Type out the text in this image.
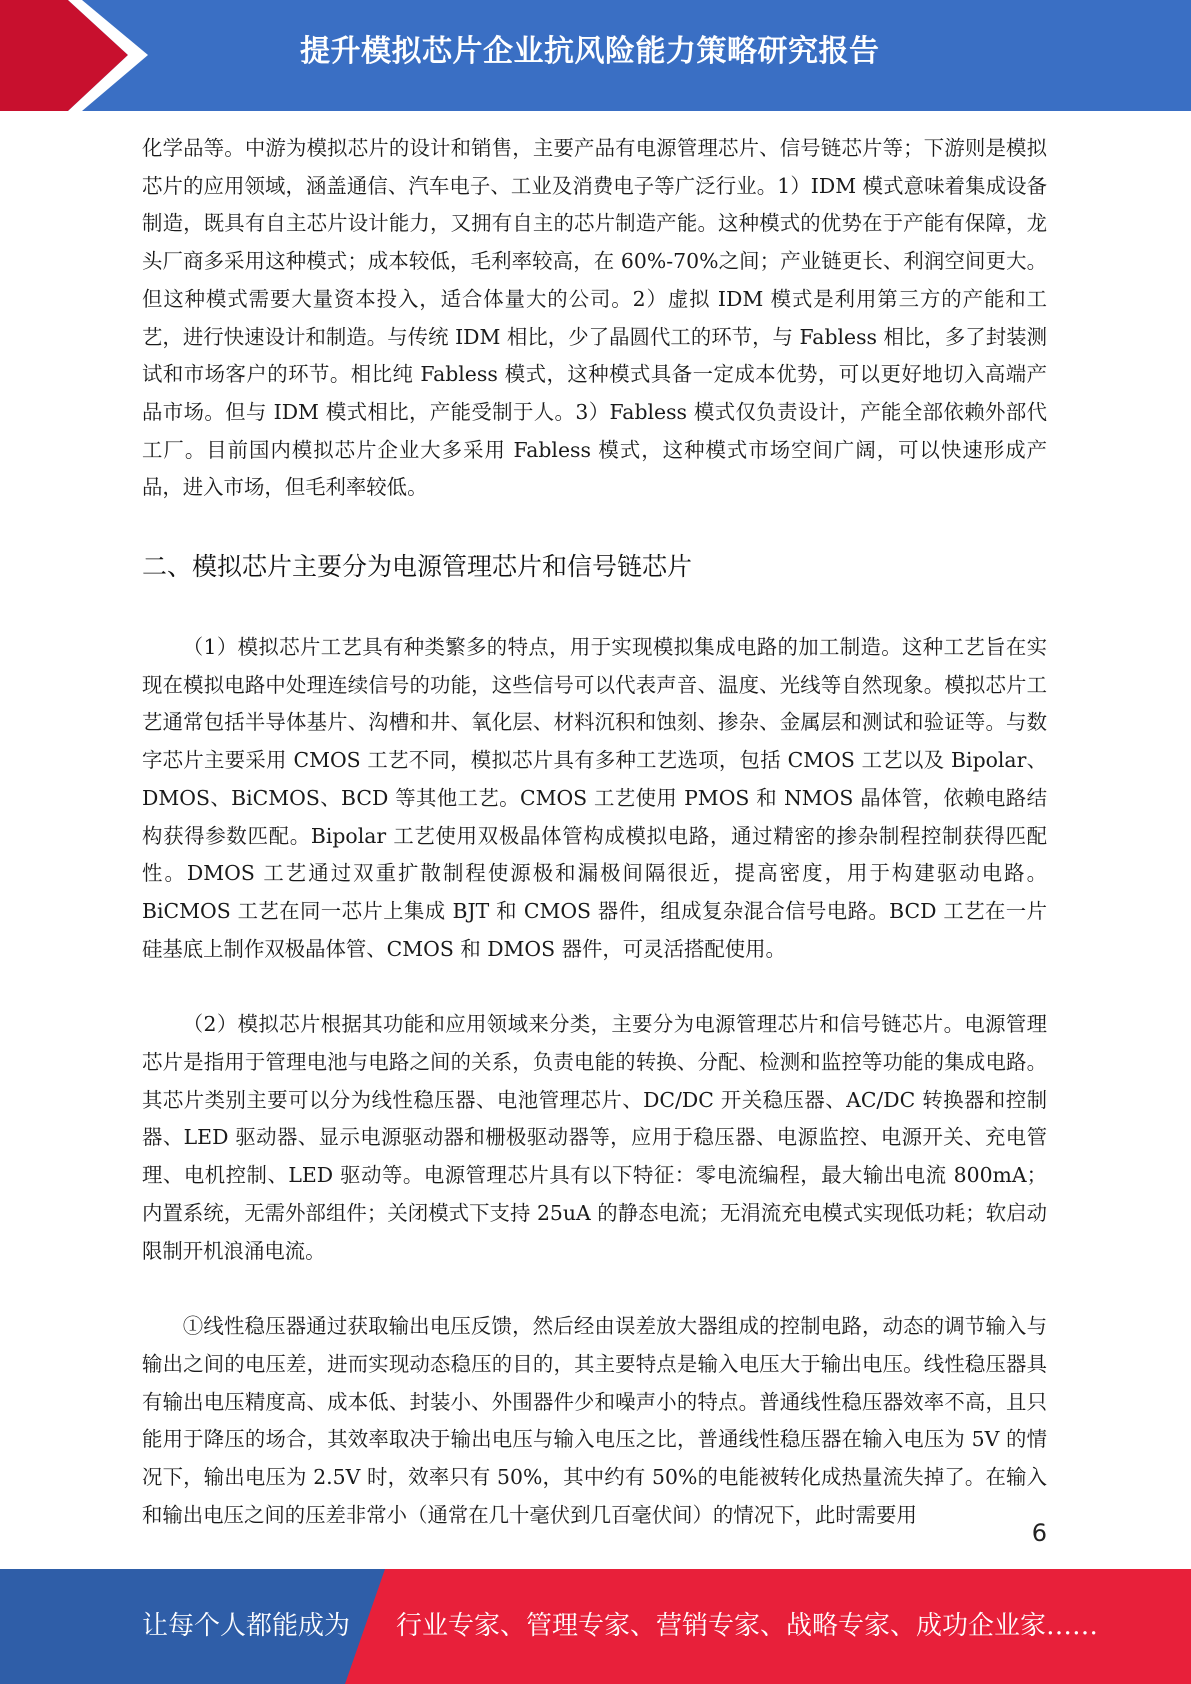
提升模拟芯片企业抗风险能力策略研究报告

化学品等。中游为模拟芯片的设计和销售，主要产品有电源管理芯片、信号链芯片等；下游则是模拟芯片的应用领域，涵盖通信、汽车电子、工业及消费电子等广泛行业。1）IDM 模式意味着集成设备制造，既具有自主芯片设计能力，又拥有自主的芯片制造产能。这种模式的优势在于产能有保障，龙头厂商多采用这种模式；成本较低，毛利率较高，在 60%-70%之间；产业链更长、利润空间更大。但这种模式需要大量资本投入，适合体量大的公司。2）虚拟 IDM 模式是利用第三方的产能和工艺，进行快速设计和制造。与传统 IDM 相比，少了晶圆代工的环节，与 Fabless 相比，多了封装测试和市场客户的环节。相比纯 Fabless 模式，这种模式具备一定成本优势，可以更好地切入高端产品市场。但与 IDM 模式相比，产能受制于人。3）Fabless 模式仅负责设计，产能全部依赖外部代工厂。目前国内模拟芯片企业大多采用 Fabless 模式，这种模式市场空间广阔，可以快速形成产品，进入市场，但毛利率较低。

二、模拟芯片主要分为电源管理芯片和信号链芯片

（1）模拟芯片工艺具有种类繁多的特点，用于实现模拟集成电路的加工制造。这种工艺旨在实现在模拟电路中处理连续信号的功能，这些信号可以代表声音、温度、光线等自然现象。模拟芯片工艺通常包括半导体基片、沟槽和井、氧化层、材料沉积和蚀刻、掺杂、金属层和测试和验证等。与数字芯片主要采用 CMOS 工艺不同，模拟芯片具有多种工艺选项，包括 CMOS 工艺以及 Bipolar、DMOS、BiCMOS、BCD 等其他工艺。CMOS 工艺使用 PMOS 和 NMOS 晶体管，依赖电路结构获得参数匹配。Bipolar 工艺使用双极晶体管构成模拟电路，通过精密的掺杂制程控制获得匹配性。DMOS 工艺通过双重扩散制程使源极和漏极间隔很近，提高密度，用于构建驱动电路。BiCMOS 工艺在同一芯片上集成 BJT 和 CMOS 器件，组成复杂混合信号电路。BCD 工艺在一片硅基底上制作双极晶体管、CMOS 和 DMOS 器件，可灵活搭配使用。

（2）模拟芯片根据其功能和应用领域来分类，主要分为电源管理芯片和信号链芯片。电源管理芯片是指用于管理电池与电路之间的关系，负责电能的转换、分配、检测和监控等功能的集成电路。其芯片类别主要可以分为线性稳压器、电池管理芯片、DC/DC 开关稳压器、AC/DC 转换器和控制器、LED 驱动器、显示电源驱动器和栅极驱动器等，应用于稳压器、电源监控、电源开关、充电管理、电机控制、LED 驱动等。电源管理芯片具有以下特征：零电流编程，最大输出电流 800mA；内置系统，无需外部组件；关闭模式下支持 25uA 的静态电流；无涓流充电模式实现低功耗；软启动限制开机浪涌电流。

①线性稳压器通过获取输出电压反馈，然后经由误差放大器组成的控制电路，动态的调节输入与输出之间的电压差，进而实现动态稳压的目的，其主要特点是输入电压大于输出电压。线性稳压器具有输出电压精度高、成本低、封装小、外围器件少和噪声小的特点。普通线性稳压器效率不高，且只能用于降压的场合，其效率取决于输出电压与输入电压之比，普通线性稳压器在输入电压为 5V 的情况下，输出电压为 2.5V 时，效率只有 50%，其中约有 50%的电能被转化成热量流失掉了。在输入和输出电压之间的压差非常小（通常在几十毫伏到几百毫伏间）的情况下，此时需要用

6
让每个人都能成为 行业专家、管理专家、营销专家、战略专家、成功企业家……
